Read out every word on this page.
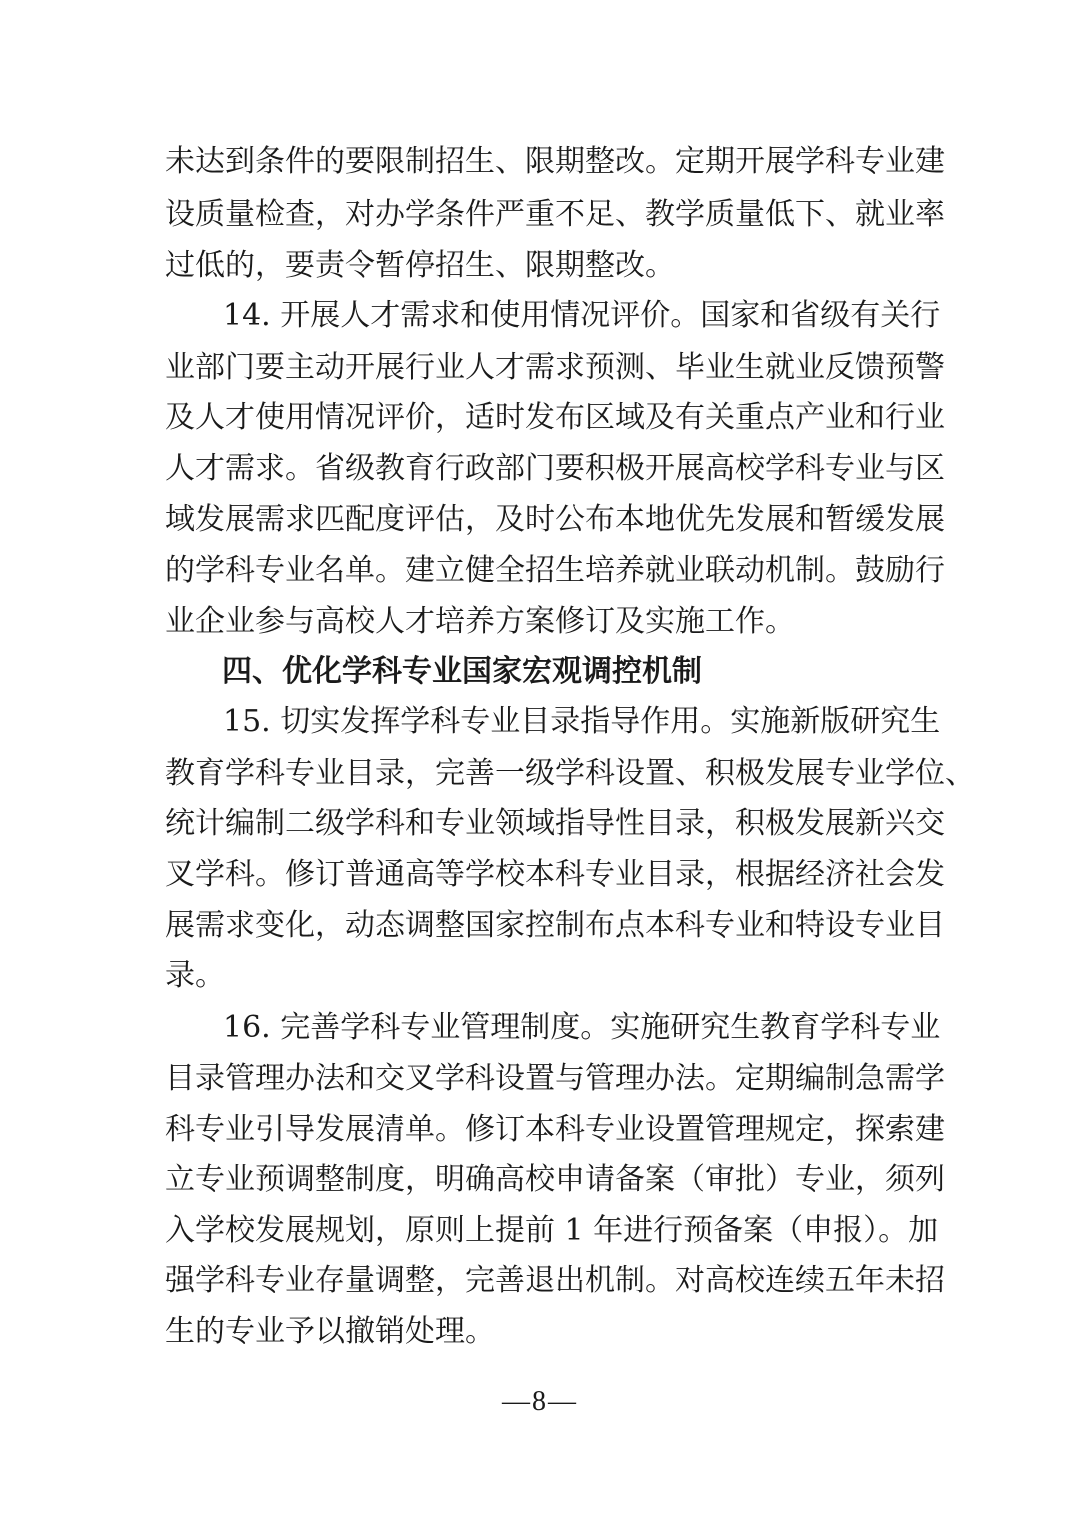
未达到条件的要限制招生、限期整改。定期开展学科专业建
设质量检查，对办学条件严重不足、教学质量低下、就业率
过低的，要责令暂停招生、限期整改。
14. 开展人才需求和使用情况评价。国家和省级有关行
业部门要主动开展行业人才需求预测、毕业生就业反馈预警
及人才使用情况评价，适时发布区域及有关重点产业和行业
人才需求。省级教育行政部门要积极开展高校学科专业与区
域发展需求匹配度评估，及时公布本地优先发展和暂缓发展
的学科专业名单。建立健全招生培养就业联动机制。鼓励行
业企业参与高校人才培养方案修订及实施工作。
四、优化学科专业国家宏观调控机制
15. 切实发挥学科专业目录指导作用。实施新版研究生
教育学科专业目录，完善一级学科设置、积极发展专业学位、
统计编制二级学科和专业领域指导性目录，积极发展新兴交
叉学科。修订普通高等学校本科专业目录，根据经济社会发
展需求变化，动态调整国家控制布点本科专业和特设专业目
录。
16. 完善学科专业管理制度。实施研究生教育学科专业
目录管理办法和交叉学科设置与管理办法。定期编制急需学
科专业引导发展清单。修订本科专业设置管理规定，探索建
立专业预调整制度，明确高校申请备案（审批）专业，须列
入学校发展规划，原则上提前 1 年进行预备案（申报）。加
强学科专业存量调整，完善退出机制。对高校连续五年未招
生的专业予以撤销处理。
—8—
